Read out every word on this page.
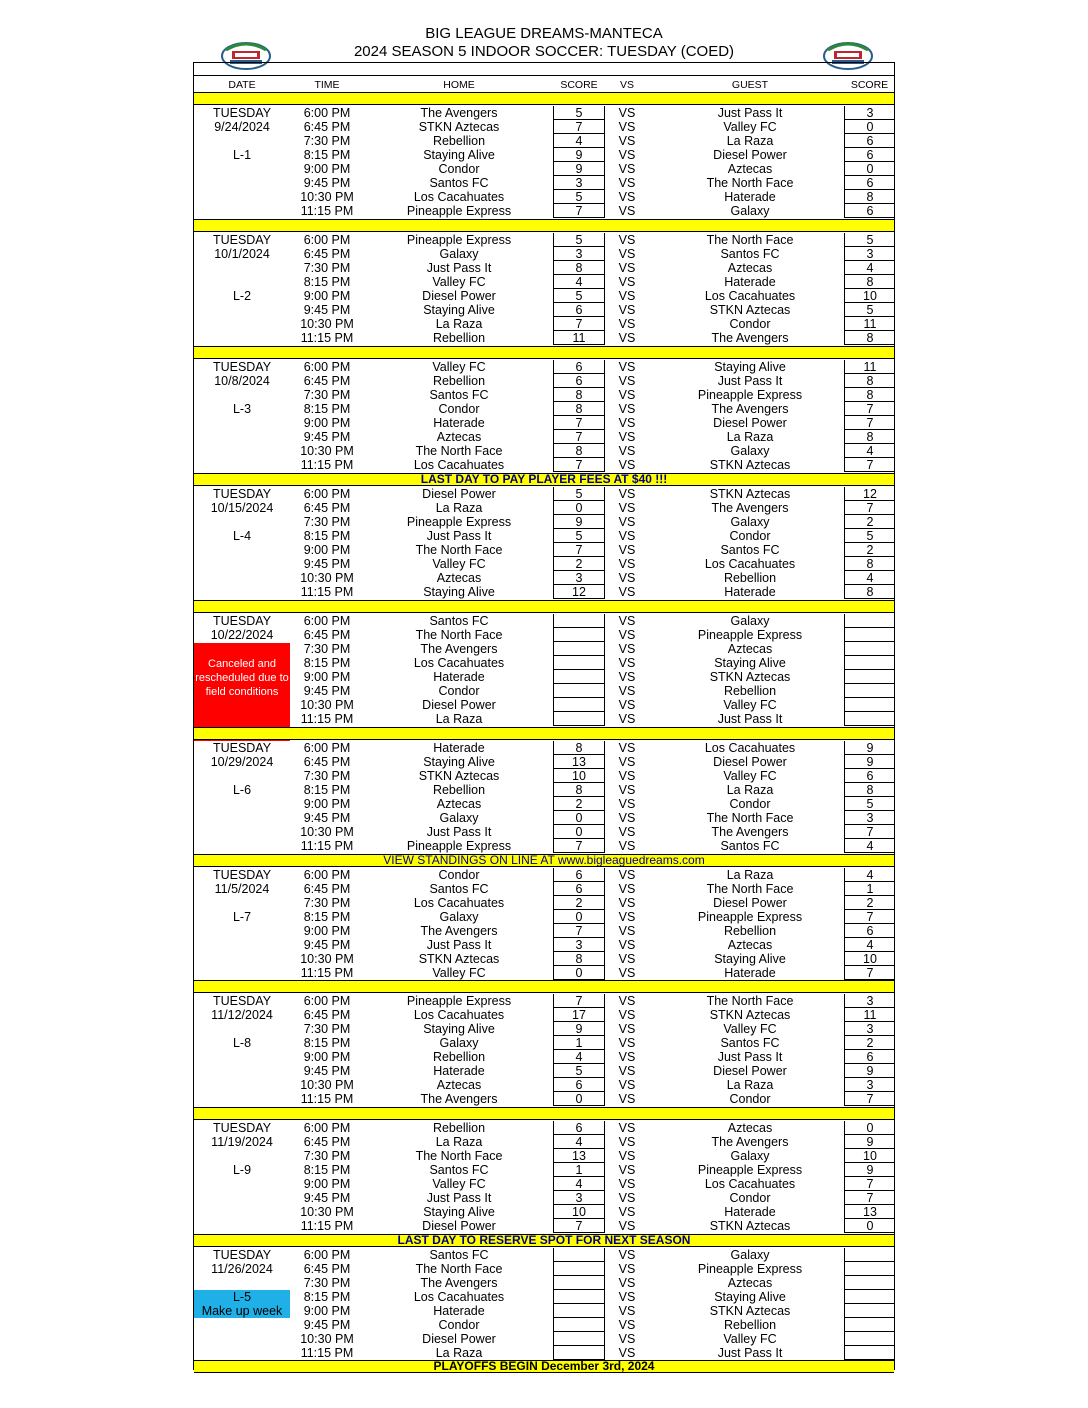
BIG LEAGUE DREAMS-MANTECA
2024 SEASON 5 INDOOR SOCCER: TUESDAY (COED)
DATE	TIME	HOME	SCORE	VS	GUEST	SCORE
TUESDAY	6:00 PM	The Avengers	5	VS	Just Pass It	3
9/24/2024	6:45 PM	STKN Aztecas	7	VS	Valley FC	0
7:30 PM	Rebellion	4	VS	La Raza	6
L-1	8:15 PM	Staying Alive	9	VS	Diesel Power	6
9:00 PM	Condor	9	VS	Aztecas	0
9:45 PM	Santos FC	3	VS	The North Face	6
10:30 PM	Los Cacahuates	5	VS	Haterade	8
11:15 PM	Pineapple Express	7	VS	Galaxy	6
TUESDAY	6:00 PM	Pineapple Express	5	VS	The North Face	5
10/1/2024	6:45 PM	Galaxy	3	VS	Santos FC	3
7:30 PM	Just Pass It	8	VS	Aztecas	4
8:15 PM	Valley FC	4	VS	Haterade	8
L-2	9:00 PM	Diesel Power	5	VS	Los Cacahuates	10
9:45 PM	Staying Alive	6	VS	STKN Aztecas	5
10:30 PM	La Raza	7	VS	Condor	11
11:15 PM	Rebellion	11	VS	The Avengers	8
TUESDAY	6:00 PM	Valley FC	6	VS	Staying Alive	11
10/8/2024	6:45 PM	Rebellion	6	VS	Just Pass It	8
7:30 PM	Santos FC	8	VS	Pineapple Express	8
L-3	8:15 PM	Condor	8	VS	The Avengers	7
9:00 PM	Haterade	7	VS	Diesel Power	7
9:45 PM	Aztecas	7	VS	La Raza	8
10:30 PM	The North Face	8	VS	Galaxy	4
11:15 PM	Los Cacahuates	7	VS	STKN Aztecas	7
LAST DAY TO PAY PLAYER FEES AT $40 !!!
TUESDAY	6:00 PM	Diesel Power	5	VS	STKN Aztecas	12
10/15/2024	6:45 PM	La Raza	0	VS	The Avengers	7
7:30 PM	Pineapple Express	9	VS	Galaxy	2
L-4	8:15 PM	Just Pass It	5	VS	Condor	5
9:00 PM	The North Face	7	VS	Santos FC	2
9:45 PM	Valley FC	2	VS	Los Cacahuates	8
10:30 PM	Aztecas	3	VS	Rebellion	4
11:15 PM	Staying Alive	12	VS	Haterade	8
TUESDAY	6:00 PM	Santos FC	VS	Galaxy
10/22/2024	6:45 PM	The North Face	VS	Pineapple Express
7:30 PM	The Avengers	VS	Aztecas
8:15 PM	Los Cacahuates	VS	Staying Alive
9:00 PM	Haterade	VS	STKN Aztecas
9:45 PM	Condor	VS	Rebellion
10:30 PM	Diesel Power	VS	Valley FC
11:15 PM	La Raza	VS	Just Pass It
Canceled and rescheduled due to field conditions
TUESDAY	6:00 PM	Haterade	8	VS	Los Cacahuates	9
10/29/2024	6:45 PM	Staying Alive	13	VS	Diesel Power	9
7:30 PM	STKN Aztecas	10	VS	Valley FC	6
L-6	8:15 PM	Rebellion	8	VS	La Raza	8
9:00 PM	Aztecas	2	VS	Condor	5
9:45 PM	Galaxy	0	VS	The North Face	3
10:30 PM	Just Pass It	0	VS	The Avengers	7
11:15 PM	Pineapple Express	7	VS	Santos FC	4
VIEW STANDINGS ON LINE AT www.bigleaguedreams.com
TUESDAY	6:00 PM	Condor	6	VS	La Raza	4
11/5/2024	6:45 PM	Santos FC	6	VS	The North Face	1
7:30 PM	Los Cacahuates	2	VS	Diesel Power	2
L-7	8:15 PM	Galaxy	0	VS	Pineapple Express	7
9:00 PM	The Avengers	7	VS	Rebellion	6
9:45 PM	Just Pass It	3	VS	Aztecas	4
10:30 PM	STKN Aztecas	8	VS	Staying Alive	10
11:15 PM	Valley FC	0	VS	Haterade	7
TUESDAY	6:00 PM	Pineapple Express	7	VS	The North Face	3
11/12/2024	6:45 PM	Los Cacahuates	17	VS	STKN Aztecas	11
7:30 PM	Staying Alive	9	VS	Valley FC	3
L-8	8:15 PM	Galaxy	1	VS	Santos FC	2
9:00 PM	Rebellion	4	VS	Just Pass It	6
9:45 PM	Haterade	5	VS	Diesel Power	9
10:30 PM	Aztecas	6	VS	La Raza	3
11:15 PM	The Avengers	0	VS	Condor	7
TUESDAY	6:00 PM	Rebellion	6	VS	Aztecas	0
11/19/2024	6:45 PM	La Raza	4	VS	The Avengers	9
7:30 PM	The North Face	13	VS	Galaxy	10
L-9	8:15 PM	Santos FC	1	VS	Pineapple Express	9
9:00 PM	Valley FC	4	VS	Los Cacahuates	7
9:45 PM	Just Pass It	3	VS	Condor	7
10:30 PM	Staying Alive	10	VS	Haterade	13
11:15 PM	Diesel Power	7	VS	STKN Aztecas	0
LAST DAY TO RESERVE SPOT FOR NEXT SEASON
TUESDAY	6:00 PM	Santos FC	VS	Galaxy
11/26/2024	6:45 PM	The North Face	VS	Pineapple Express
7:30 PM	The Avengers	VS	Aztecas
8:15 PM	Los Cacahuates	VS	Staying Alive
9:00 PM	Haterade	VS	STKN Aztecas
9:45 PM	Condor	VS	Rebellion
10:30 PM	Diesel Power	VS	Valley FC
11:15 PM	La Raza	VS	Just Pass It
L-5
Make up week
PLAYOFFS BEGIN December 3rd, 2024
